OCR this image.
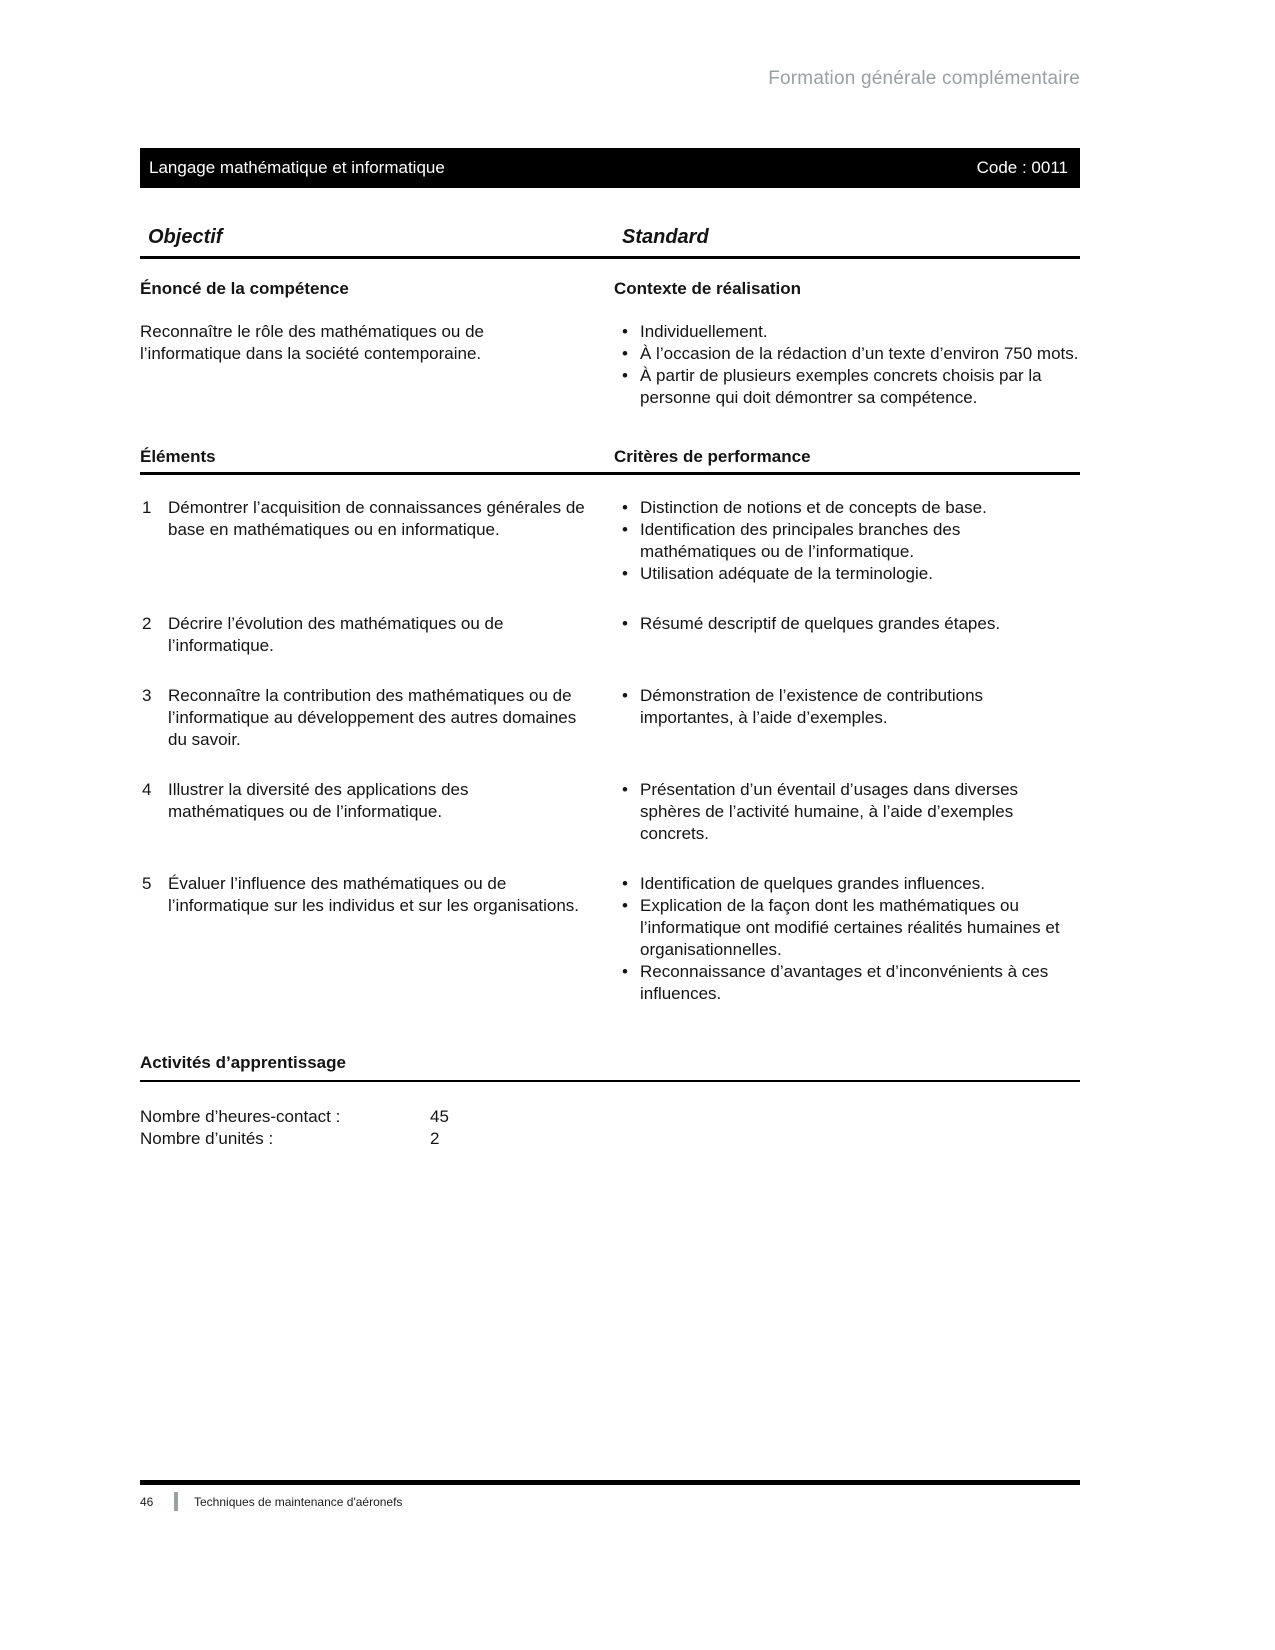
Formation générale complémentaire
Langage mathématique et informatique	Code : 0011
Objectif	Standard
Énoncé de la compétence	Contexte de réalisation
Reconnaître le rôle des mathématiques ou de l’informatique dans la société contemporaine.
• Individuellement.
• À l’occasion de la rédaction d’un texte d’environ 750 mots.
• À partir de plusieurs exemples concrets choisis par la personne qui doit démontrer sa compétence.
Éléments	Critères de performance
1 Démontrer l’acquisition de connaissances générales de base en mathématiques ou en informatique.
• Distinction de notions et de concepts de base.
• Identification des principales branches des mathématiques ou de l’informatique.
• Utilisation adéquate de la terminologie.
2 Décrire l’évolution des mathématiques ou de l’informatique.
• Résumé descriptif de quelques grandes étapes.
3 Reconnaître la contribution des mathématiques ou de l’informatique au développement des autres domaines du savoir.
• Démonstration de l’existence de contributions importantes, à l’aide d’exemples.
4 Illustrer la diversité des applications des mathématiques ou de l’informatique.
• Présentation d’un éventail d’usages dans diverses sphères de l’activité humaine, à l’aide d’exemples concrets.
5 Évaluer l’influence des mathématiques ou de l’informatique sur les individus et sur les organisations.
• Identification de quelques grandes influences.
• Explication de la façon dont les mathématiques ou l’informatique ont modifié certaines réalités humaines et organisationnelles.
• Reconnaissance d’avantages et d’inconvénients à ces influences.
Activités d’apprentissage
Nombre d’heures-contact :	45
Nombre d’unités :	2
46	Techniques de maintenance d'aéronefs
